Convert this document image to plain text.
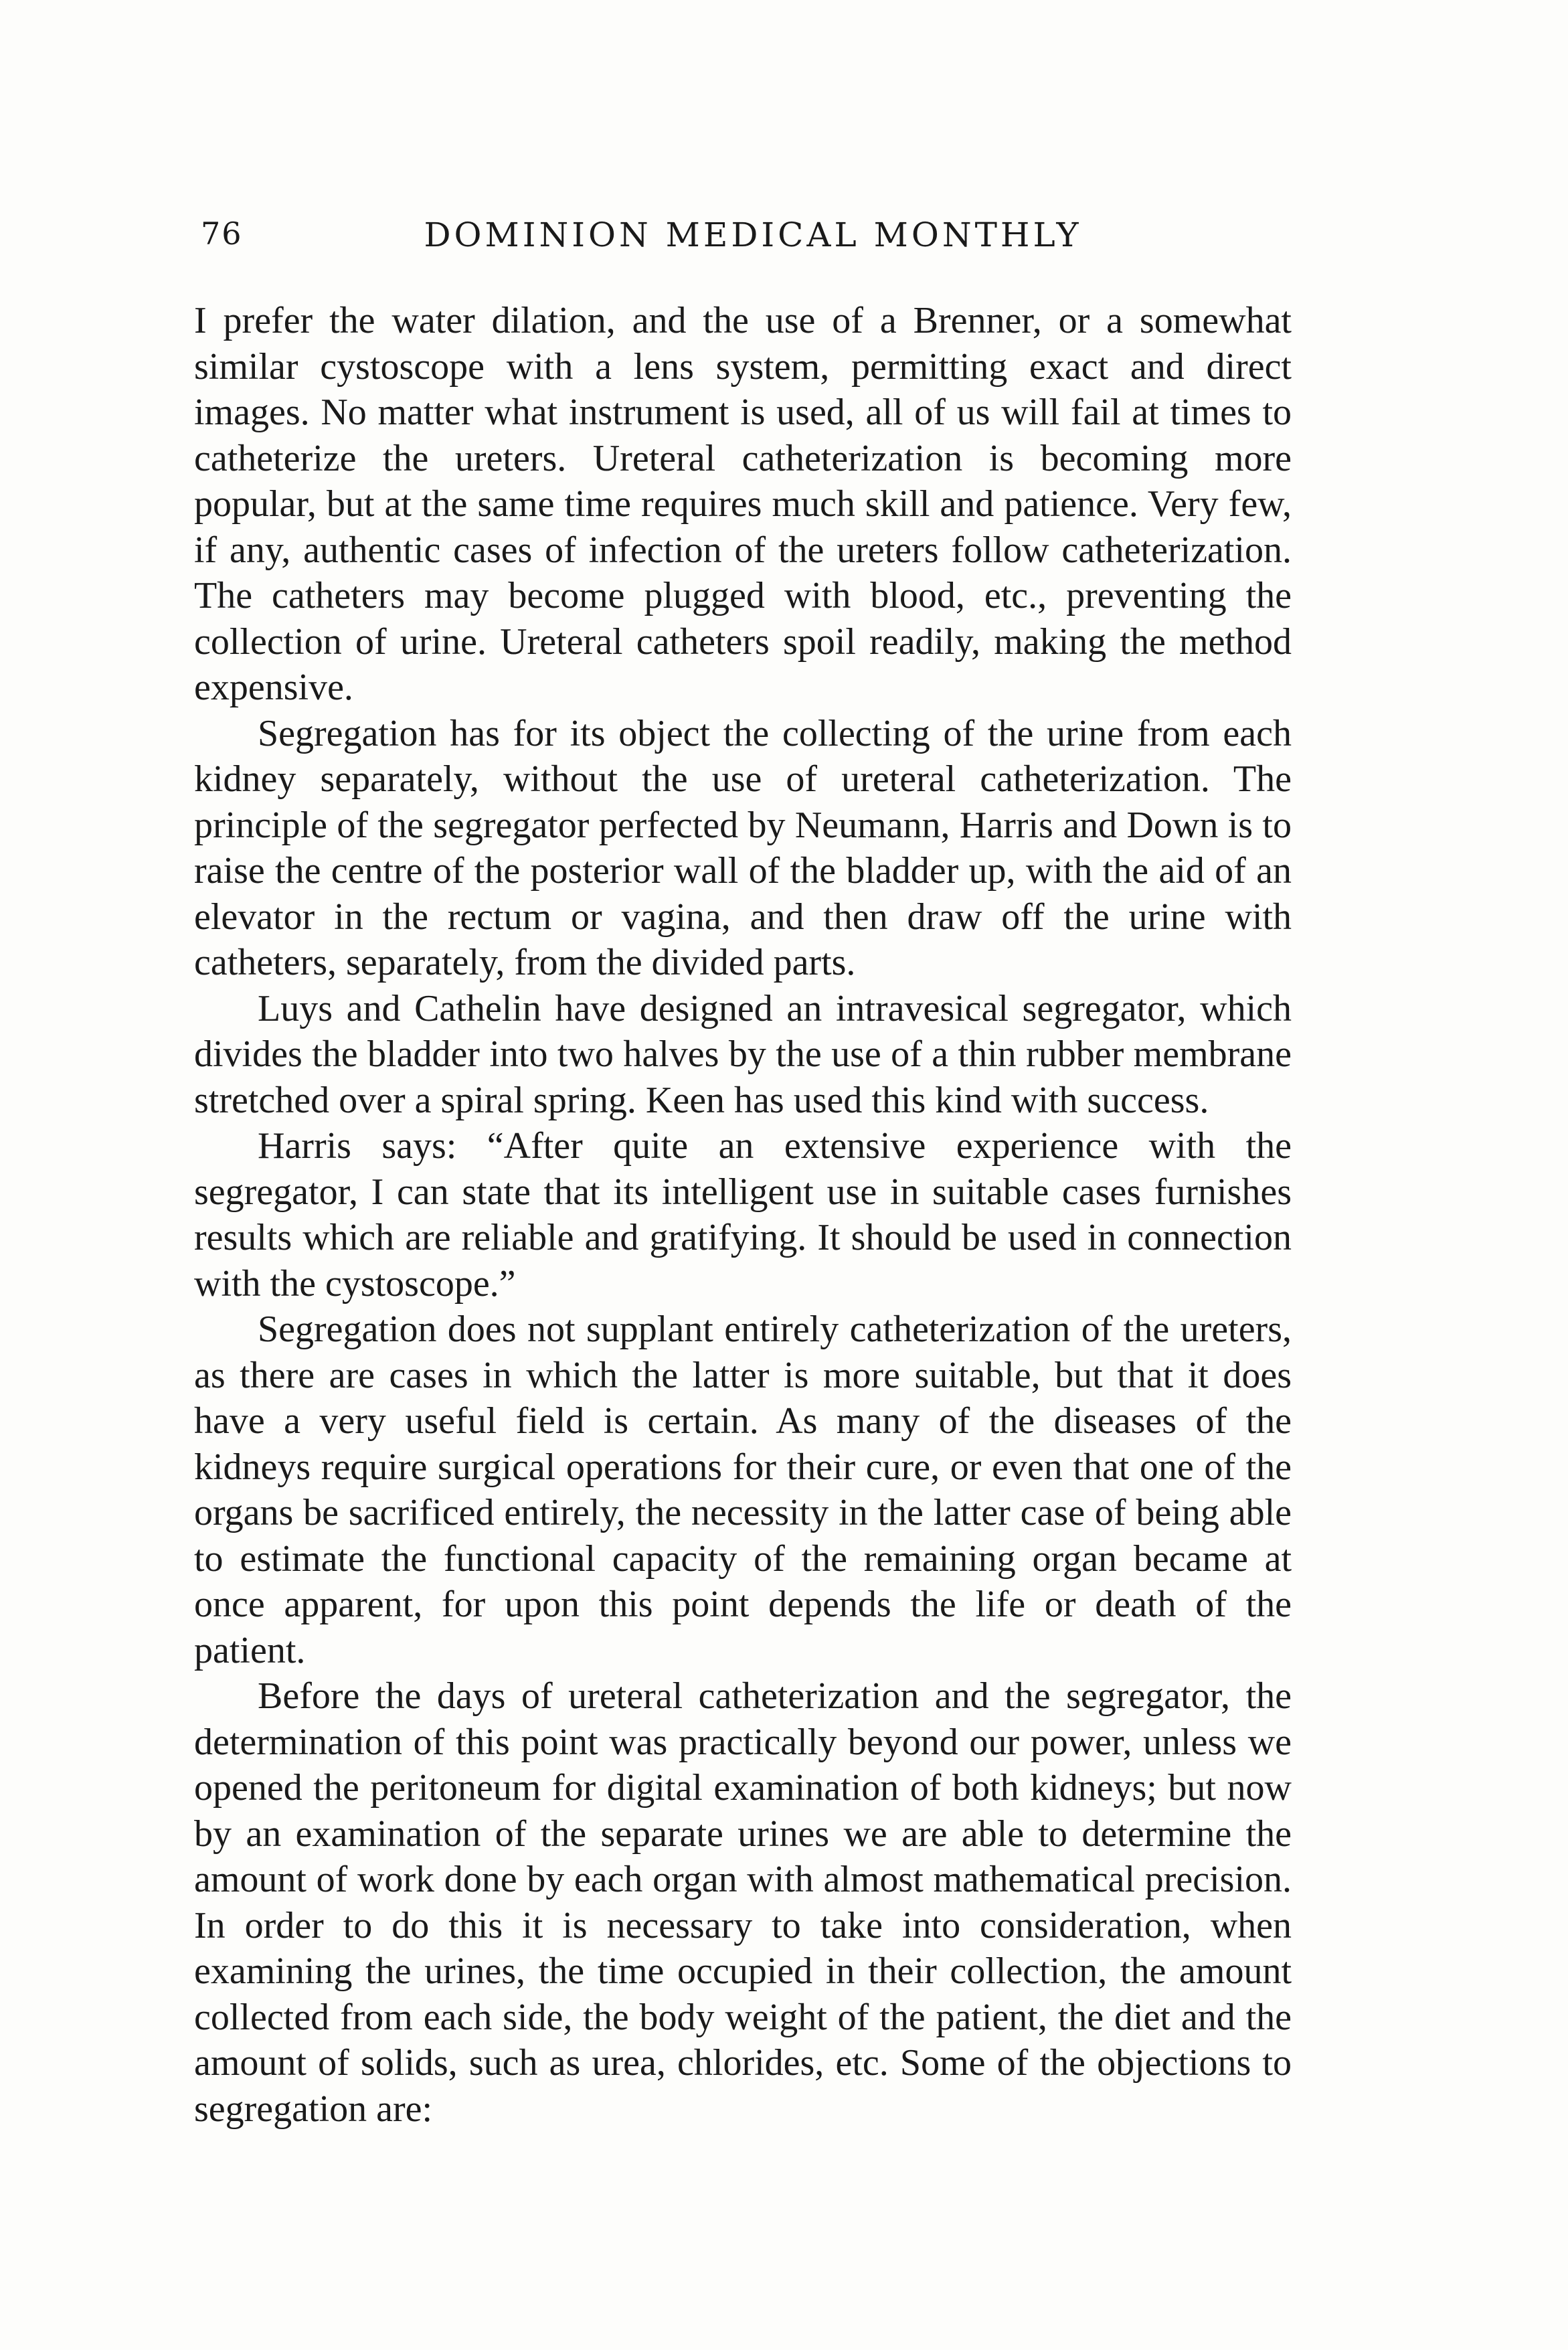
76	DOMINION MEDICAL MONTHLY

I prefer the water dilation, and the use of a Brenner, or a somewhat similar cystoscope with a lens system, permitting exact and direct images. No matter what instrument is used, all of us will fail at times to catheterize the ureters. Ureteral catheterization is becoming more popular, but at the same time requires much skill and patience. Very few, if any, authentic cases of infection of the ureters follow catheterization. The catheters may become plugged with blood, etc., preventing the collection of urine. Ureteral catheters spoil readily, making the method expensive.

Segregation has for its object the collecting of the urine from each kidney separately, without the use of ureteral catheterization. The principle of the segregator perfected by Neumann, Harris and Down is to raise the centre of the posterior wall of the bladder up, with the aid of an elevator in the rectum or vagina, and then draw off the urine with catheters, separately, from the divided parts.

Luys and Cathelin have designed an intravesical segregator, which divides the bladder into two halves by the use of a thin rubber membrane stretched over a spiral spring. Keen has used this kind with success.

Harris says: “After quite an extensive experience with the segregator, I can state that its intelligent use in suitable cases furnishes results which are reliable and gratifying. It should be used in connection with the cystoscope.”

Segregation does not supplant entirely catheterization of the ureters, as there are cases in which the latter is more suitable, but that it does have a very useful field is certain. As many of the diseases of the kidneys require surgical operations for their cure, or even that one of the organs be sacrificed entirely, the necessity in the latter case of being able to estimate the functional capacity of the remaining organ became at once apparent, for upon this point depends the life or death of the patient.

Before the days of ureteral catheterization and the segregator, the determination of this point was practically beyond our power, unless we opened the peritoneum for digital examination of both kidneys; but now by an examination of the separate urines we are able to determine the amount of work done by each organ with almost mathematical precision. In order to do this it is necessary to take into consideration, when examining the urines, the time occupied in their collection, the amount collected from each side, the body weight of the patient, the diet and the amount of solids, such as urea, chlorides, etc. Some of the objections to segregation are:
